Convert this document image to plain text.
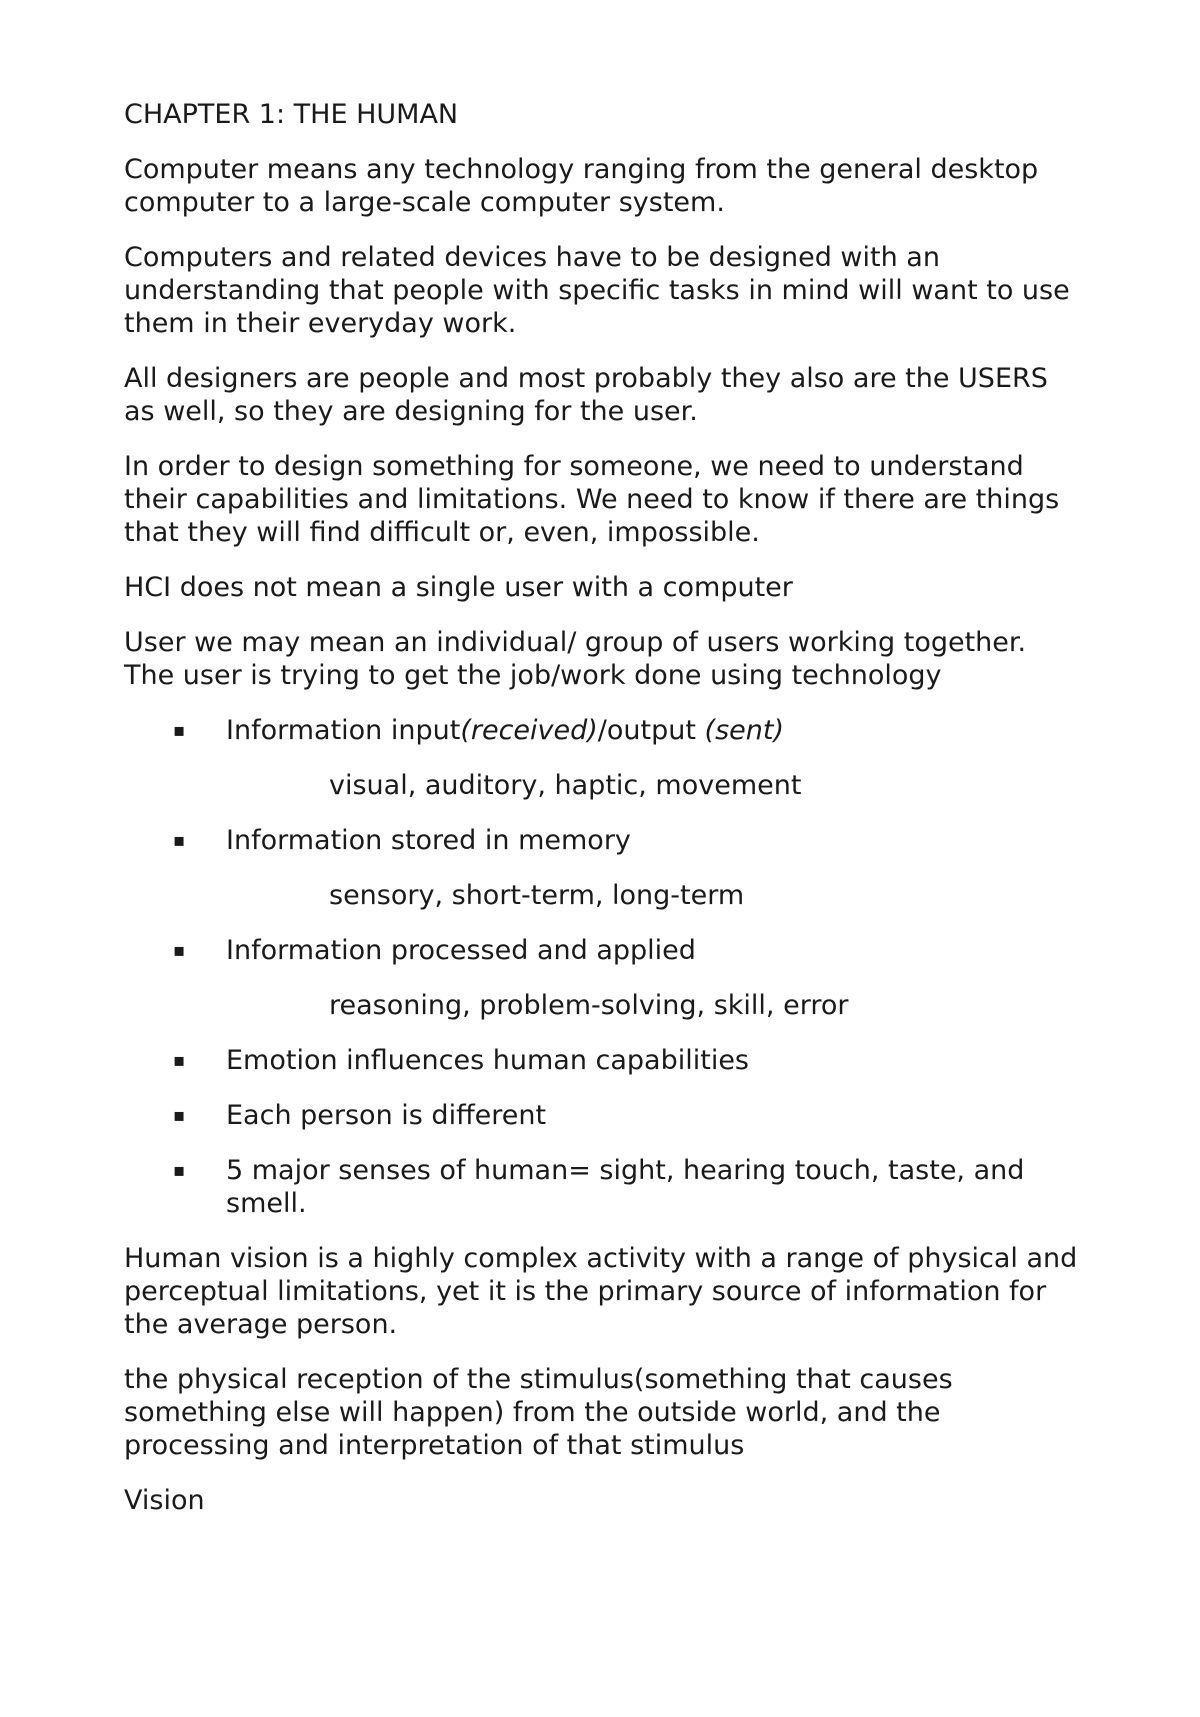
CHAPTER 1: THE HUMAN

Computer means any technology ranging from the general desktop computer to a large-scale computer system.

Computers and related devices have to be designed with an understanding that people with specific tasks in mind will want to use them in their everyday work.

All designers are people and most probably they also are the USERS as well, so they are designing for the user.

In order to design something for someone, we need to understand their capabilities and limitations. We need to know if there are things that they will find difficult or, even, impossible.

HCI does not mean a single user with a computer

User we may mean an individual/ group of users working together. The user is trying to get the job/work done using technology

▪ Information input(received)/output (sent)
visual, auditory, haptic, movement
▪ Information stored in memory
sensory, short-term, long-term
▪ Information processed and applied
reasoning, problem-solving, skill, error
▪ Emotion influences human capabilities
▪ Each person is different
▪ 5 major senses of human= sight, hearing touch, taste, and smell.

Human vision is a highly complex activity with a range of physical and perceptual limitations, yet it is the primary source of information for the average person.

the physical reception of the stimulus(something that causes something else will happen) from the outside world, and the processing and interpretation of that stimulus

Vision
